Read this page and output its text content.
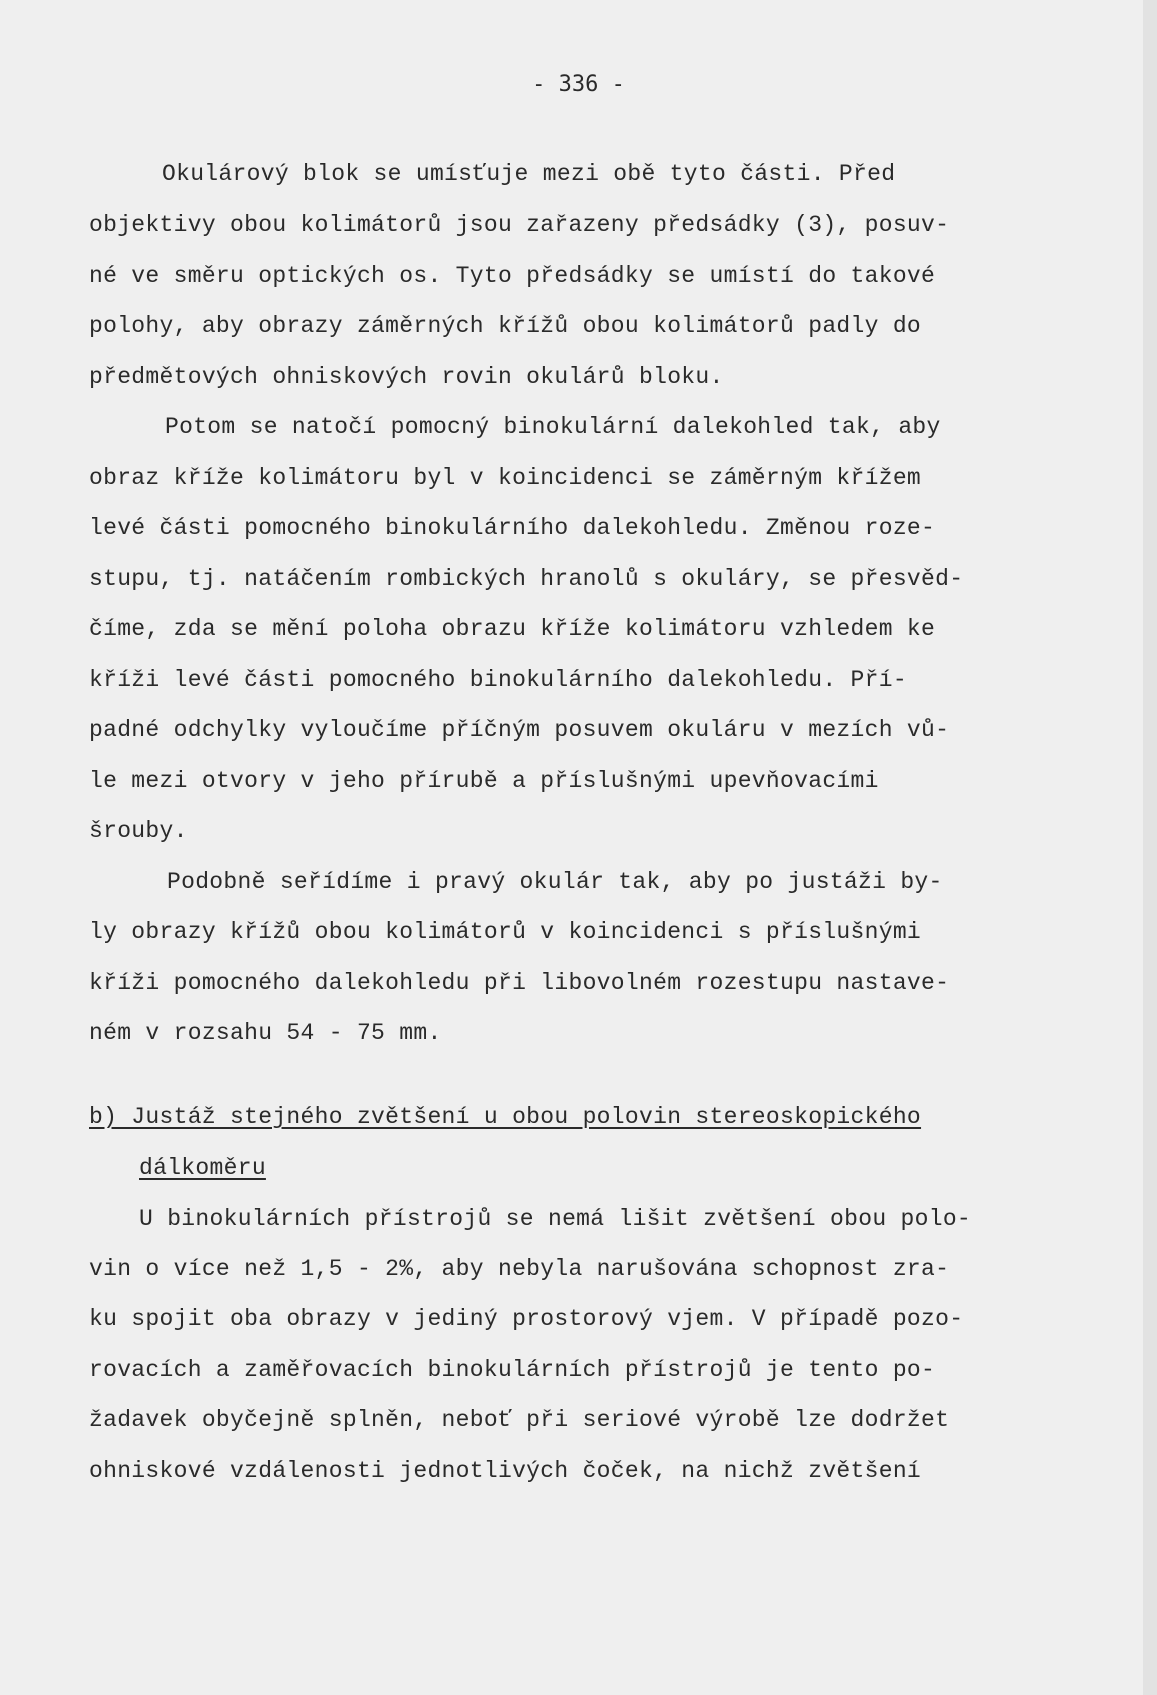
- 336 -
Okulárový blok se umísťuje mezi obě tyto části. Před
objektivy obou kolimátorů jsou zařazeny předsádky (3), posuv-
né ve směru optických os. Tyto předsádky se umístí do takové
polohy, aby obrazy záměrných křížů obou kolimátorů padly do
předmětových ohniskových rovin okulárů bloku.
Potom se natočí pomocný binokulární dalekohled tak, aby
obraz kříže kolimátoru byl v koincidenci se záměrným křížem
levé části pomocného binokulárního dalekohledu. Změnou roze-
stupu, tj. natáčením rombických hranolů s okuláry, se přesvěd-
číme, zda se mění poloha obrazu kříže kolimátoru vzhledem ke
kříži levé části pomocného binokulárního dalekohledu. Pří-
padné odchylky vyloučíme příčným posuvem okuláru v mezích vů-
le mezi otvory v jeho přírubě a příslušnými upevňovacími
šrouby.
Podobně seřídíme i pravý okulár tak, aby po justáži by-
ly obrazy křížů obou kolimátorů v koincidenci s příslušnými
kříži pomocného dalekohledu při libovolném rozestupu nastave-
ném v rozsahu 54 - 75 mm.
b) Justáž stejného zvětšení u obou polovin stereoskopického
dálkoměru
U binokulárních přístrojů se nemá lišit zvětšení obou polo-
vin o více než 1,5 - 2%, aby nebyla narušována schopnost zra-
ku spojit oba obrazy v jediný prostorový vjem. V případě pozo-
rovacích a zaměřovacích binokulárních přístrojů je tento po-
žadavek obyčejně splněn, neboť při seriové výrobě lze dodržet
ohniskové vzdálenosti jednotlivých čoček, na nichž zvětšení
